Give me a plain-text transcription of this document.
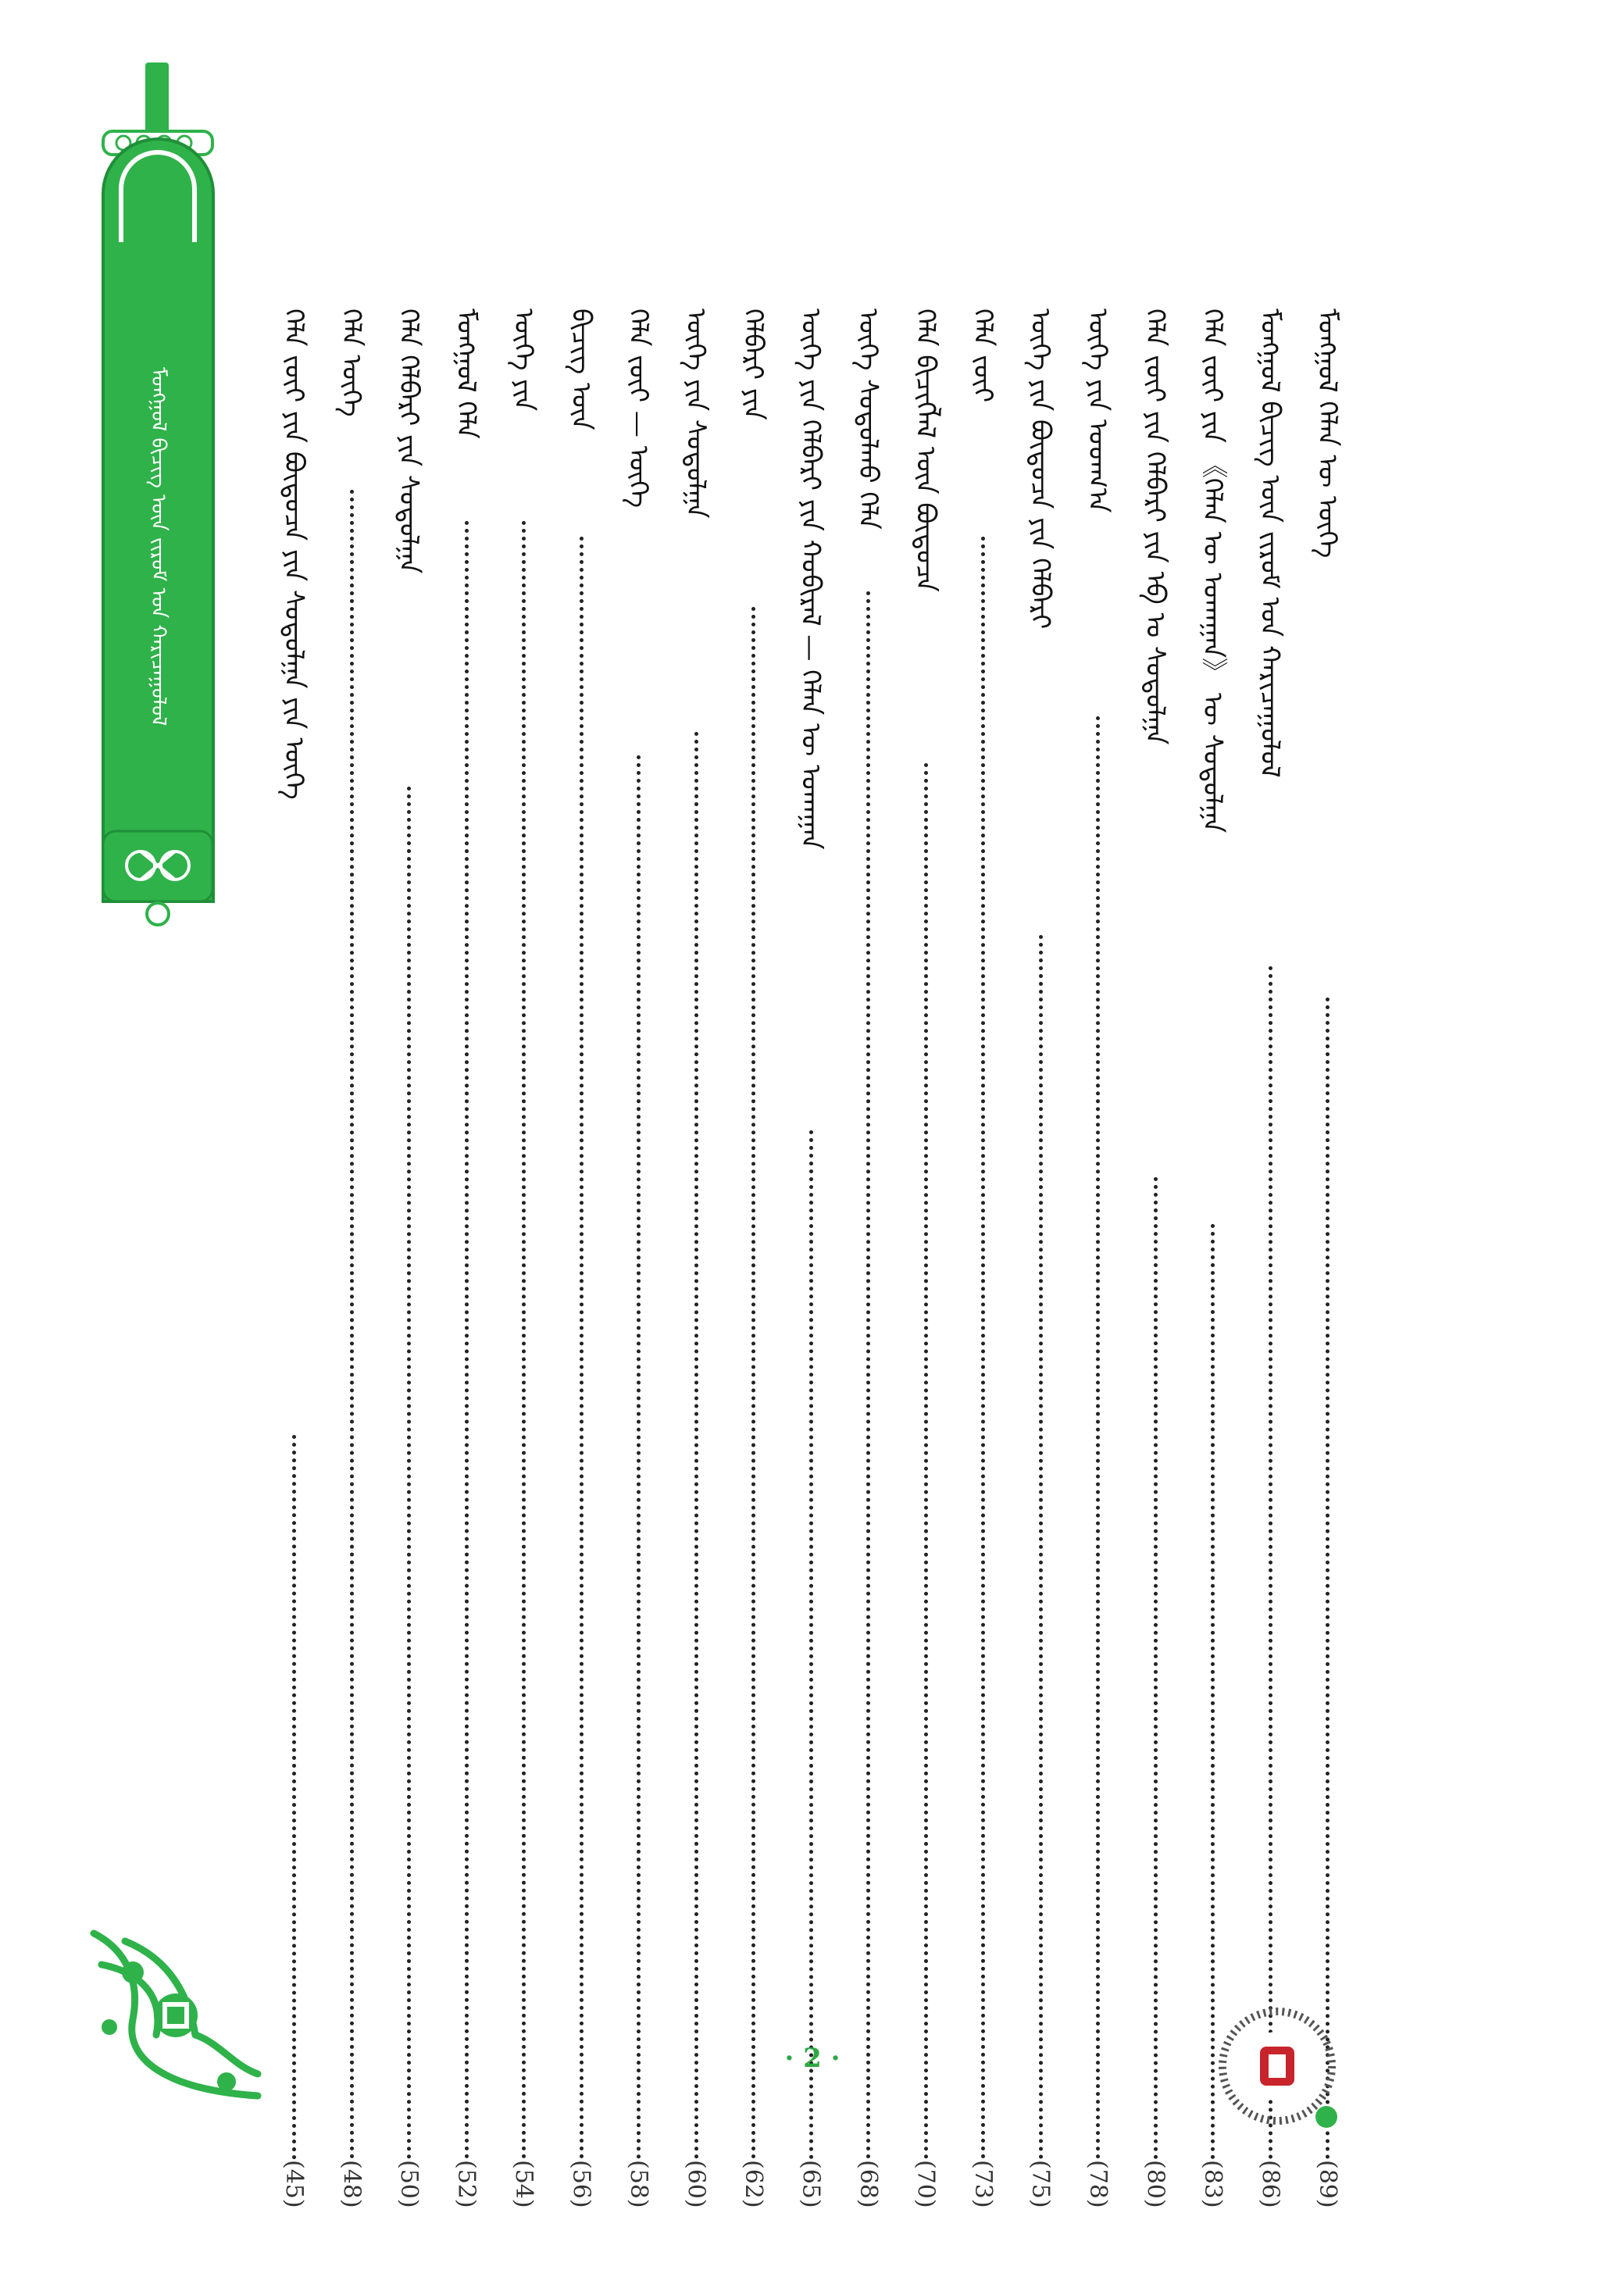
ᠮᠣᠩᠭᠣᠯ ᠪᠢᠴᠢᠭ ᠦᠨ ᠵᠢᠷᠤᠮ ᠤᠨ ᠬᠠᠷᠢᠴᠠᠭᠤᠯᠤᠯ	ᠮᠣᠩᠭᠣᠯ ᠬᠡᠯᠡᠨ ᠦ ᠦᠭᠡ
(89)
ᠮᠣᠩᠭᠣᠯ ᠪᠢᠴᠢᠭ ᠦᠨ ᠵᠢᠷᠤᠮ ᠤᠨ ᠬᠠᠷᠢᠴᠠᠭᠤᠯᠤᠯ
(86)
ᠬᠡᠯᠡ ᠵᠦᠢ ᠶᠢᠨ 《ᠬᠡᠯᠡᠨ ᠦ ᠤᠬᠠᠭᠠᠨ》 ᠦ ᠰᠤᠳᠤᠯᠭᠠ
(83)
ᠬᠡᠯᠡ ᠵᠦᠢ ᠶᠢᠨ ᠬᠡᠯᠪᠡᠷᠢ ᠶᠢᠨ ᠡᠪ ᠤ ᠰᠤᠳᠤᠯᠭᠠ
(80)
ᠦᠭᠡ ᠶᠢᠨ ᠤᠳᠬ᠎ᠠ
(78)
ᠦᠭᠡ ᠶᠢᠨ ᠪᠦᠲᠦᠴᠡ ᠶᠢᠨ ᠬᠡᠯᠪᠡᠷᠢ
(75)
ᠬᠡᠯᠡ ᠵᠦᠢ
(73)
ᠬᠡᠯᠡ ᠪᠢᠴᠢᠭᠯᠡᠯ ᠦᠨ ᠪᠦᠲᠦᠴᠡ
(70)
ᠦᠭᠡ ᠰᠤᠳᠤᠯᠬᠤ ᠬᠡᠯᠡ
(68)
ᠦᠭᠡ ᠶᠢᠨ ᠬᠡᠯᠪᠡᠷᠢ ᠶᠢᠨ ᠬᠤᠪᠢᠷᠠᠯ — ᠬᠡᠯᠡᠨ ᠦ ᠤᠬᠠᠭᠠᠨ
(65)
ᠬᠡᠯᠪᠡᠷᠢ ᠶᠢᠨ
(62)
ᠦᠭᠡ ᠶᠢᠨ ᠰᠤᠳᠤᠯᠭᠠ
(60)
ᠬᠡᠯᠡ ᠵᠦᠢ — ᠦᠭᠡ
(58)
ᠪᠢᠴᠢᠭ ᠦᠨ
(56)
ᠦᠭᠡ ᠶᠢᠨ
(54)
ᠮᠣᠩᠭᠣᠯ ᠬᠡᠯᠡ
(52)
ᠬᠡᠯᠡ ᠬᠡᠯᠪᠡᠷᠢ ᠶᠢᠨ ᠰᠤᠳᠤᠯᠭᠠ
(50)
ᠬᠡᠯᠡ ᠦᠭᠡ
(48)
ᠬᠡᠯᠡ ᠵᠦᠢ ᠶᠢᠨ ᠪᠦᠲᠦᠴᠡ ᠶᠢᠨ ᠰᠤᠳᠤᠯᠭᠠ ᠶᠢᠨ ᠦᠭᠡ
(45)
· 2 ·
